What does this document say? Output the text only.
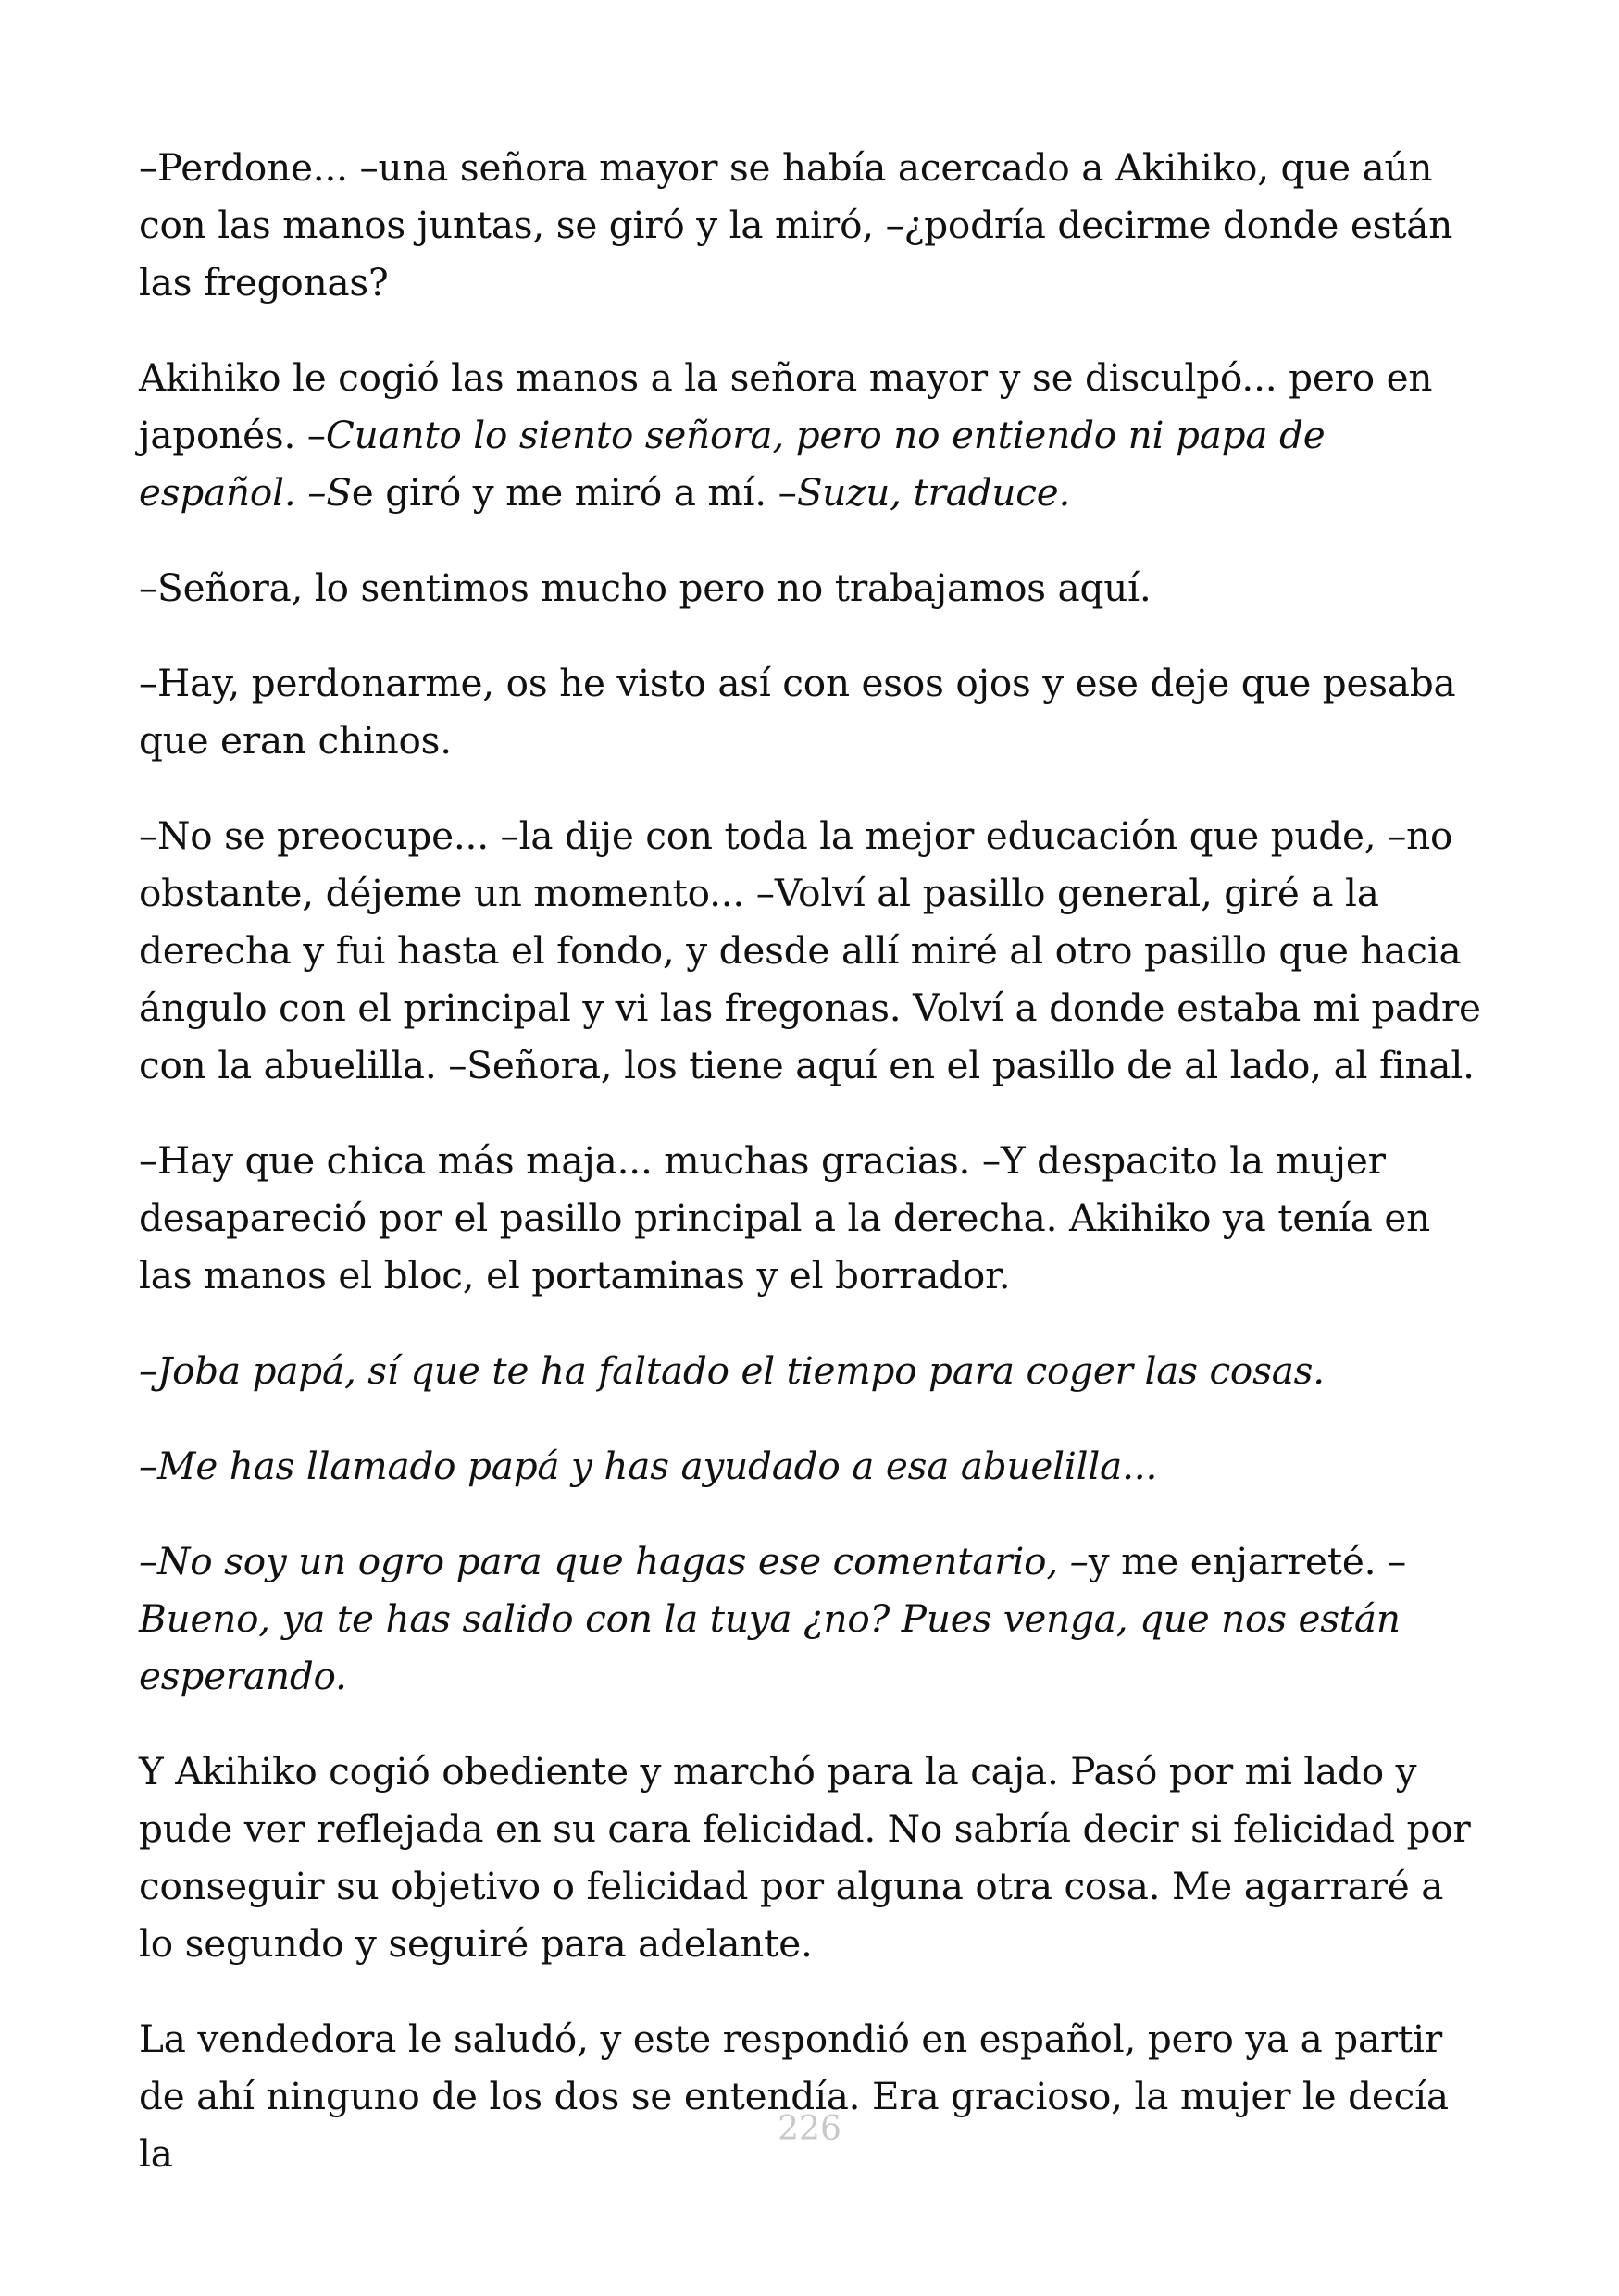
–Perdone... –una señora mayor se había acercado a Akihiko, que aún con las manos juntas, se giró y la miró, –¿podría decirme donde están las fregonas?

Akihiko le cogió las manos a la señora mayor y se disculpó... pero en japonés. –Cuanto lo siento señora, pero no entiendo ni papa de español. –Se giró y me miró a mí. –Suzu, traduce.

–Señora, lo sentimos mucho pero no trabajamos aquí.

–Hay, perdonarme, os he visto así con esos ojos y ese deje que pesaba que eran chinos.

–No se preocupe... –la dije con toda la mejor educación que pude, –no obstante, déjeme un momento... –Volví al pasillo general, giré a la derecha y fui hasta el fondo, y desde allí miré al otro pasillo que hacia ángulo con el principal y vi las fregonas. Volví a donde estaba mi padre con la abuelilla. –Señora, los tiene aquí en el pasillo de al lado, al final.

–Hay que chica más maja... muchas gracias. –Y despacito la mujer desapareció por el pasillo principal a la derecha. Akihiko ya tenía en las manos el bloc, el portaminas y el borrador.

–Joba papá, sí que te ha faltado el tiempo para coger las cosas.

–Me has llamado papá y has ayudado a esa abuelilla...

–No soy un ogro para que hagas ese comentario, –y me enjarreté. –Bueno, ya te has salido con la tuya ¿no? Pues venga, que nos están esperando.

Y Akihiko cogió obediente y marchó para la caja. Pasó por mi lado y pude ver reflejada en su cara felicidad. No sabría decir si felicidad por conseguir su objetivo o felicidad por alguna otra cosa. Me agarraré a lo segundo y seguiré para adelante.

La vendedora le saludó, y este respondió en español, pero ya a partir de ahí ninguno de los dos se entendía. Era gracioso, la mujer le decía la

226
